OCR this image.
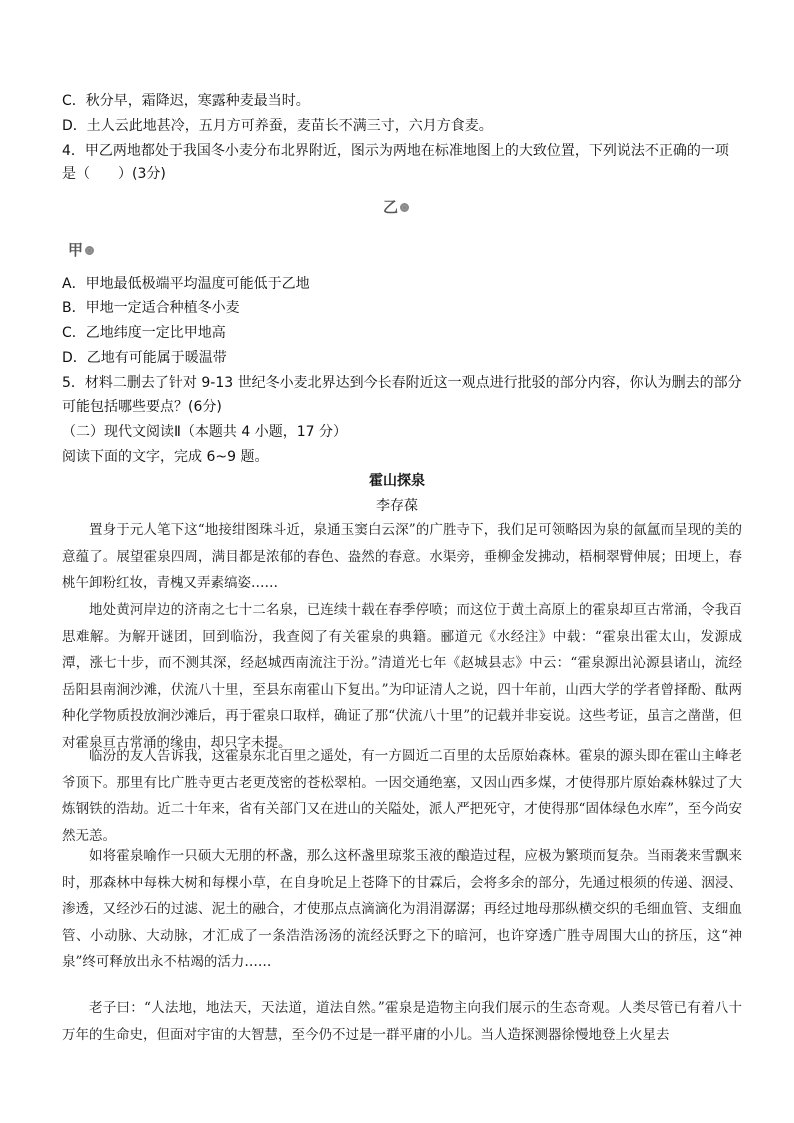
C．秋分早，霜降迟，寒露种麦最当时。
D．土人云此地甚冷，五月方可养蚕，麦苗长不满三寸，六月方食麦。
4．甲乙两地都处于我国冬小麦分布北界附近，图示为两地在标准地图上的大致位置，下列说法不正确的一项
是（　　）(3分)
乙
甲
A．甲地最低极端平均温度可能低于乙地
B．甲地一定适合种植冬小麦
C．乙地纬度一定比甲地高
D．乙地有可能属于暖温带
5．材料二删去了针对 9-13 世纪冬小麦北界达到今长春附近这一观点进行批驳的部分内容，你认为删去的部分
可能包括哪些要点？(6分)
（二）现代文阅读Ⅱ（本题共 4 小题，17 分）
阅读下面的文字，完成 6~9 题。
霍山探泉
李存葆
置身于元人笔下这“地接绀图珠斗近，泉通玉窦白云深”的广胜寺下，我们足可领略因为泉的氤氲而呈现的美的意蕴了。展望霍泉四周，满目都是浓郁的春色、盎然的春意。水渠旁，垂柳金发拂动，梧桐翠臂伸展；田埂上，春桃午卸粉红妆，青槐又弄素缟姿……
地处黄河岸边的济南之七十二名泉，已连续十载在春季停喷；而这位于黄土高原上的霍泉却亘古常涌，令我百思难解。为解开谜团，回到临汾，我查阅了有关霍泉的典籍。郦道元《水经注》中载：“霍泉出霍太山，发源成潭，涨七十步，而不测其深，经赵城西南流注于汾。”清道光七年《赵城县志》中云：“霍泉源出沁源县诸山，流经岳阳县南涧沙滩，伏流八十里，至县东南霍山下复出。”为印证清人之说，四十年前，山西大学的学者曾择酚、酞两种化学物质投放涧沙滩后，再于霍泉口取样，确证了那“伏流八十里”的记载并非妄说。这些考证，虽言之凿凿，但对霍泉亘古常涌的缘由，却只字未提。
临汾的友人告诉我，这霍泉东北百里之遥处，有一方圆近二百里的太岳原始森林。霍泉的源头即在霍山主峰老爷顶下。那里有比广胜寺更古老更茂密的苍松翠柏。一因交通绝塞，又因山西多煤，才使得那片原始森林躲过了大炼钢铁的浩劫。近二十年来，省有关部门又在进山的关隘处，派人严把死守，才使得那“固体绿色水库”，至今尚安然无恙。
如将霍泉喻作一只硕大无朋的杯盏，那么这杯盏里琼浆玉液的酿造过程，应极为繁琐而复杂。当雨袭来雪飘来时，那森林中每株大树和每棵小草，在自身吮足上苍降下的甘霖后，会将多余的部分，先通过根须的传递、洇浸、渗透，又经沙石的过滤、泥土的融合，才使那点点滴滴化为涓涓潺潺；再经过地母那纵横交织的毛细血管、支细血管、小动脉、大动脉，才汇成了一条浩浩汤汤的流经沃野之下的暗河，也许穿透广胜寺周围大山的挤压，这“神泉”终可释放出永不枯竭的活力……
老子曰：“人法地，地法天，天法道，道法自然。”霍泉是造物主向我们展示的生态奇观。人类尽管已有着八十万年的生命史，但面对宇宙的大智慧，至今仍不过是一群平庸的小儿。当人造探测器徐慢地登上火星去
